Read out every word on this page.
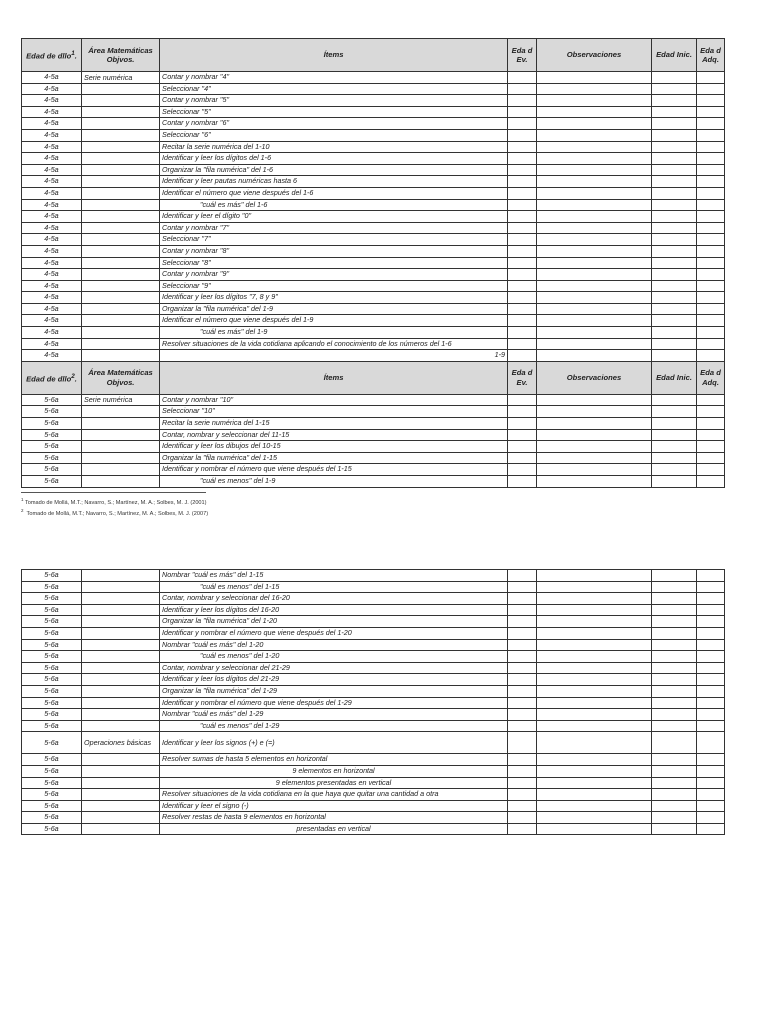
Edad de dllo$^1$.	Área Matemáticas Objvos.	Ítems	Eda d Ev.	Observaciones	Edad Inic.	Eda d Adq.
4-5a	Serie numérica	Contar y nombrar "4"				
4-5a		Seleccionar "4"				
4-5a		Contar y nombrar "5"				
4-5a		Seleccionar "5"				
4-5a		Contar y nombrar "6"				
4-5a		Seleccionar "6"				
4-5a		Recitar la serie numérica del 1-10				
4-5a		Identificar y leer los dígitos del 1-6				
4-5a		Organizar la "fila numérica" del 1-6				
4-5a		Identificar y leer pautas numéricas hasta 6				
4-5a		Identificar el número que viene después del 1-6				
4-5a		"cuál es más" del 1-6				
4-5a		Identificar y leer el dígito "0"				
4-5a		Contar y nombrar "7"				
4-5a		Seleccionar "7"				
4-5a		Contar y nombrar "8"				
4-5a		Seleccionar "8"				
4-5a		Contar y nombrar "9"				
4-5a		Seleccionar "9"				
4-5a		Identificar y leer los dígitos "7, 8 y 9"				
4-5a		Organizar la "fila numérica" del 1-9				
4-5a		Identificar el número que viene después del 1-9				
4-5a		"cuál es más" del 1-9				
4-5a		Resolver situaciones de la vida cotidiana aplicando el conocimiento de los números del 1-6				
4-5a		1-9				
Edad de dllo$^2$.	Área Matemáticas Objvos.	Ítems	Eda d Ev.	Observaciones	Edad Inic.	Eda d Adq.
5-6a	Serie numérica	Contar y nombrar "10"				
5-6a		Seleccionar "10"				
5-6a		Recitar la serie numérica del 1-15				
5-6a		Contar, nombrar y seleccionar del 11-15				
5-6a		Identificar y leer los dibujos del 10-15				
5-6a		Organizar la "fila numérica" del 1-15				
5-6a		Identificar y nombrar el número que viene después del 1-15				
5-6a		"cuál es menos" del 1-9				
$^1$ Tomado de Mollá, M.T.; Navarro, S.; Martínez, M. A.; Solbes, M. J. (2001)
$^2$  Tomado de Mollá, M.T.; Navarro, S.; Martínez, M. A.; Solbes, M. J. (2007)
5-6a		Nombrar "cuál es más" del 1-15				
5-6a		"cuál es menos" del 1-15				
5-6a		Contar, nombrar y seleccionar del 16-20				
5-6a		Identificar y leer los dígitos del 16-20				
5-6a		Organizar la "fila numérica" del 1-20				
5-6a		Identificar y nombrar el número que viene después del 1-20				
5-6a		Nombrar "cuál es más" del 1-20				
5-6a		"cuál es menos" del 1-20				
5-6a		Contar, nombrar y seleccionar del 21-29				
5-6a		Identificar y leer los dígitos del 21-29				
5-6a		Organizar la "fila numérica" del 1-29				
5-6a		Identificar y nombrar el número que viene después del 1-29				
5-6a		Nombrar "cuál es más" del 1-29				
5-6a		"cuál es menos" del 1-29				
5-6a	Operaciones básicas	Identificar y leer los signos (+) e (=)				
5-6a		Resolver sumas de hasta 5 elementos en horizontal				
5-6a		9 elementos en horizontal				
5-6a		9 elementos presentadas en vertical				
5-6a		Resolver situaciones de la vida cotidiana en la que haya que quitar una cantidad a otra				
5-6a		Identificar y leer el signo (-)				
5-6a		Resolver restas de hasta 9 elementos en horizontal				
5-6a		presentadas en vertical				
